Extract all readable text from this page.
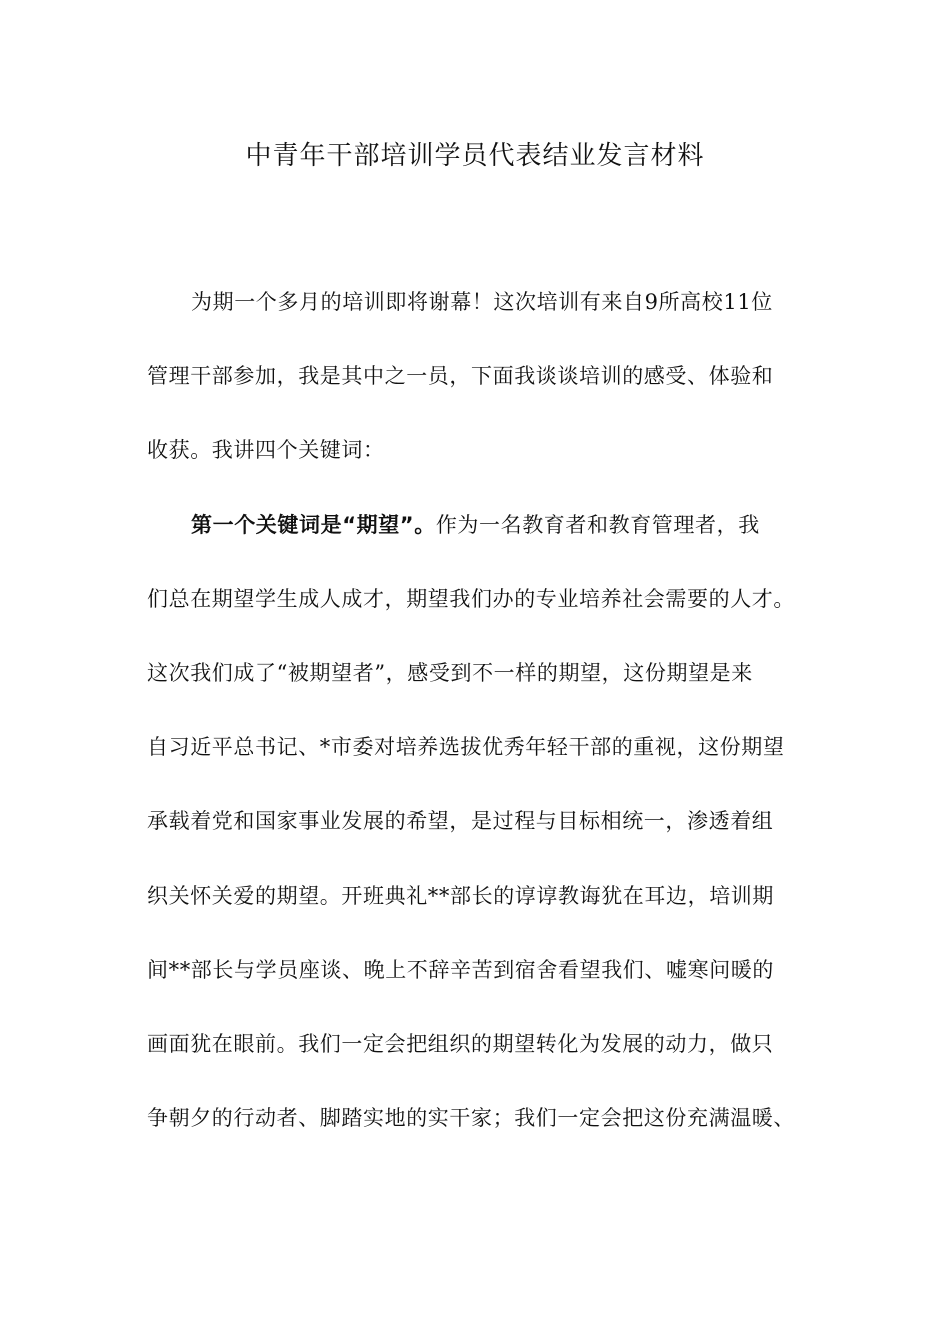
中青年干部培训学员代表结业发言材料
为期一个多月的培训即将谢幕！这次培训有来自9所高校11位
管理干部参加，我是其中之一员，下面我谈谈培训的感受、体验和
收获。我讲四个关键词：
第一个关键词是“期望”。作为一名教育者和教育管理者，我
们总在期望学生成人成才，期望我们办的专业培养社会需要的人才。
这次我们成了“被期望者”，感受到不一样的期望，这份期望是来
自习近平总书记、*市委对培养选拔优秀年轻干部的重视，这份期望
承载着党和国家事业发展的希望，是过程与目标相统一，渗透着组
织关怀关爱的期望。开班典礼**部长的谆谆教诲犹在耳边，培训期
间**部长与学员座谈、晚上不辞辛苦到宿舍看望我们、嘘寒问暖的
画面犹在眼前。我们一定会把组织的期望转化为发展的动力，做只
争朝夕的行动者、脚踏实地的实干家；我们一定会把这份充满温暖、
